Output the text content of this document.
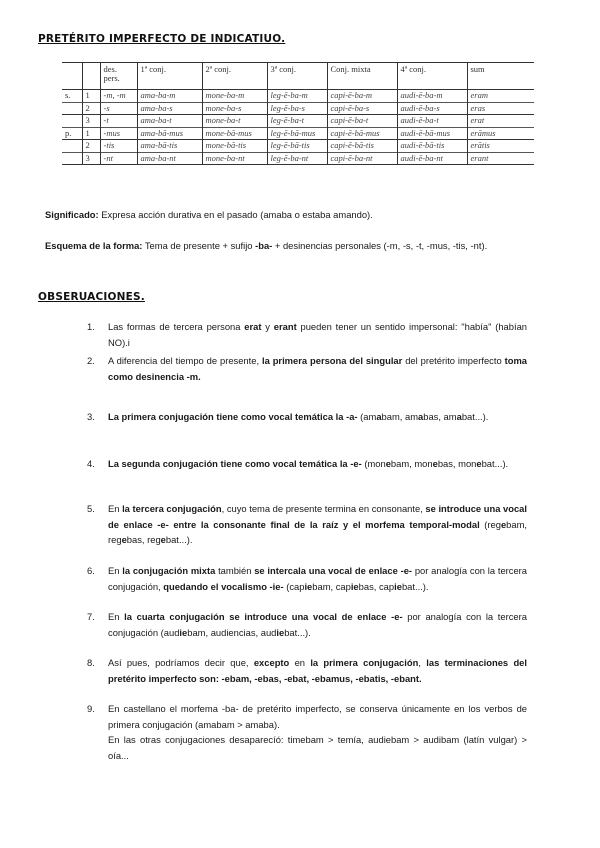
PRETÉRITO IMPERFECTO DE INDICATIUO.
		des. pers.	1ª conj.	2ª conj.	3ª conj.	Conj. mixta	4ª conj.	sum
s.	1	-m, -m	ama-ba-m	mone-ba-m	leg-ē-ba-m	capi-ē-ba-m	audi-ē-ba-m	eram
	2	-s	ama-ba-s	mone-ba-s	leg-ē-ba-s	capi-ē-ba-s	audi-ē-ba-s	eras
	3	-t	ama-ba-t	mone-ba-t	leg-ē-ba-t	capi-ē-ba-t	audi-ē-ba-t	erat
p.	1	-mus	ama-bā-mus	mone-bā-mus	leg-ē-bā-mus	capi-ē-bā-mus	audi-ē-bā-mus	erāmus
	2	-tis	ama-bā-tis	mone-bā-tis	leg-ē-bā-tis	capi-ē-bā-tis	audi-ē-bā-tis	erātis
	3	-nt	ama-ba-nt	mone-ba-nt	leg-ē-ba-nt	capi-ē-ba-nt	audi-ē-ba-nt	erant
Significado: Expresa acción durativa en el pasado (amaba o estaba amando).
Esquema de la forma: Tema de presente + sufijo -ba- + desinencias personales (-m, -s, -t, -mus, -tis, -nt).
OBSERUACIONES.
1.	Las formas de tercera persona erat y erant pueden tener un sentido impersonal: "había" (habían NO).i
2.	A diferencia del tiempo de presente, la primera persona del singular del pretérito imperfecto toma como desinencia -m.
3.	La primera conjugación tiene como vocal temática la -a- (amabam, amabas, amabat...).
4.	La segunda conjugación tiene como vocal temática la -e- (monebam, monebas, monebat...).
5.	En la tercera conjugación, cuyo tema de presente termina en consonante, se introduce una vocal de enlace -e- entre la consonante final de la raíz y el morfema temporal-modal (regebam, regebas, regebat...).
6.	En la conjugación mixta también se intercala una vocal de enlace -e- por analogía con la tercera conjugación, quedando el vocalismo -ie- (capiebam, capiebas, capiebat...).
7.	En la cuarta conjugación se introduce una vocal de enlace -e- por analogía con la tercera conjugación (audiebam, audiencias, audiebat...).
8.	Así pues, podríamos decir que, excepto en la primera conjugación, las terminaciones del pretérito imperfecto son: -ebam, -ebas, -ebat, -ebamus, -ebatis, -ebant.
9.	En castellano el morfema -ba- de pretérito imperfecto, se conserva únicamente en los verbos de primera conjugación (amabam > amaba).
En las otras conjugaciones desaparecíó: timebam > temía, audiebam > audibam (latín vulgar) > oía...
